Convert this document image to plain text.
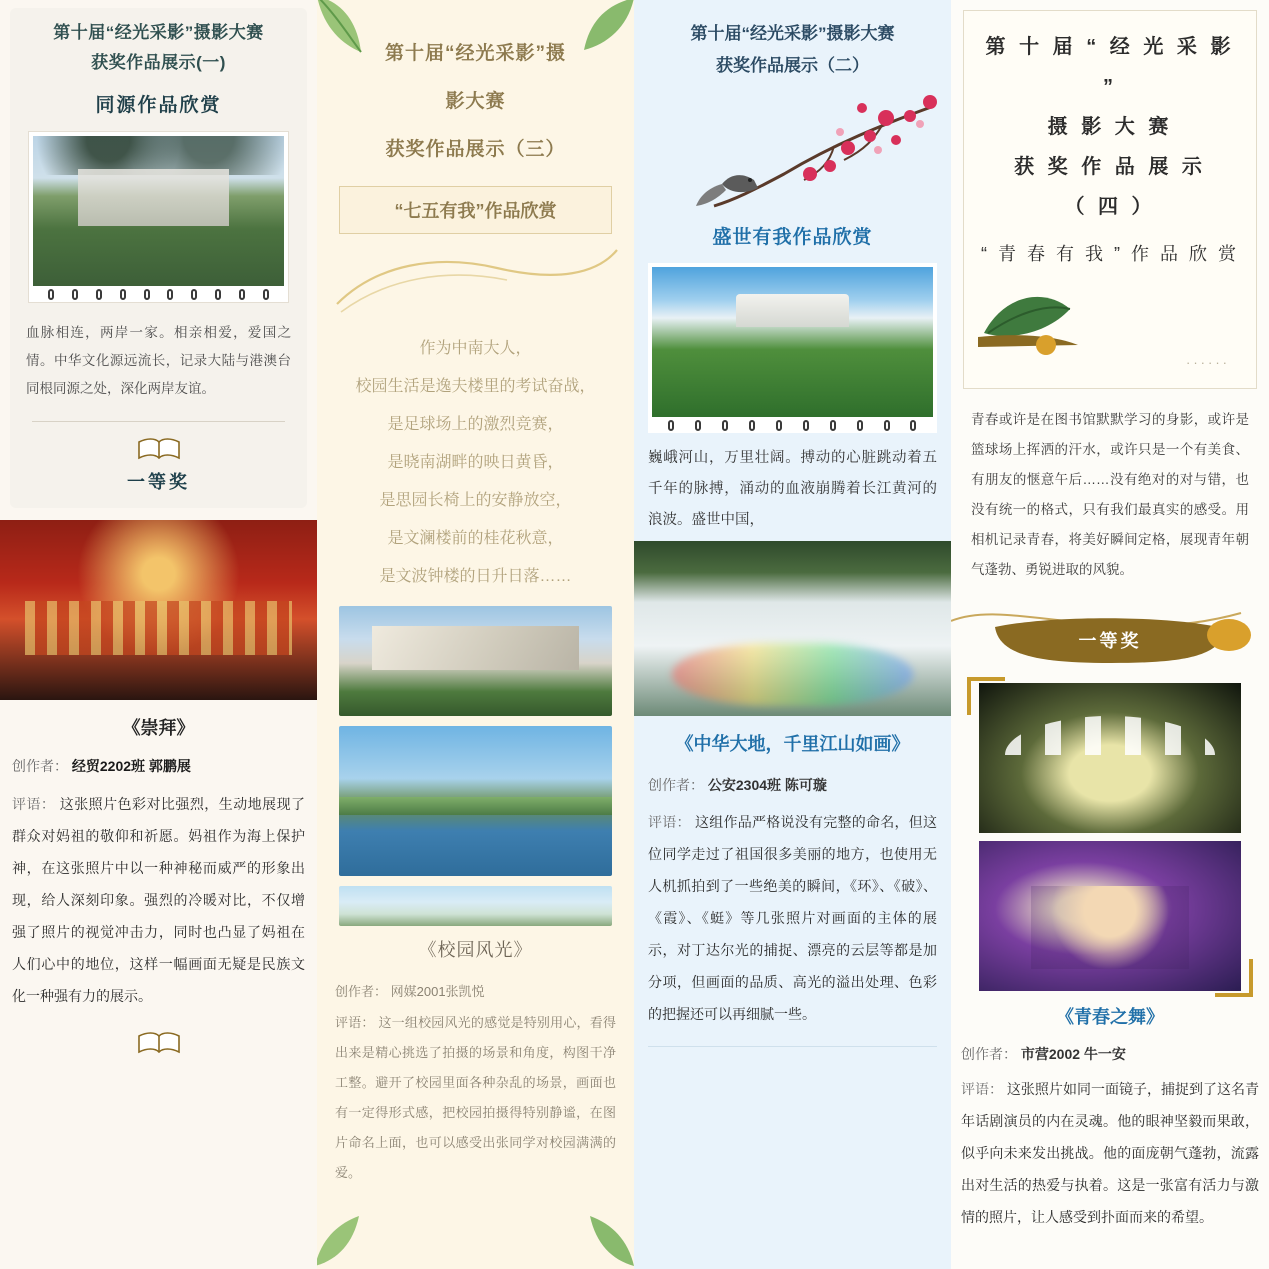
第十届“经光采影”摄影大赛
获奖作品展示(一)
同源作品欣赏
血脉相连，两岸一家。相亲相爱，爱国之情。中华文化源远流长，记录大陆与港澳台同根同源之处，深化两岸友谊。
一等奖
《崇拜》
创作者： 经贸2202班 郭鹏展
评语： 这张照片色彩对比强烈，生动地展现了群众对妈祖的敬仰和祈愿。妈祖作为海上保护神，在这张照片中以一种神秘而威严的形象出现，给人深刻印象。强烈的冷暖对比，不仅增强了照片的视觉冲击力，同时也凸显了妈祖在人们心中的地位，这样一幅画面无疑是民族文化一种强有力的展示。
第十届“经光采影”摄
影大赛
获奖作品展示（三）
“七五有我”作品欣赏
作为中南大人，
校园生活是逸夫楼里的考试奋战，
是足球场上的激烈竞赛，
是晓南湖畔的映日黄昏，
是思园长椅上的安静放空，
是文澜楼前的桂花秋意，
是文波钟楼的日升日落……
《校园风光》
创作者： 网媒2001张凯悦
评语： 这一组校园风光的感觉是特别用心，看得出来是精心挑选了拍摄的场景和角度，构图干净工整。避开了校园里面各种杂乱的场景，画面也有一定得形式感，把校园拍摄得特别静谧，在图片命名上面，也可以感受出张同学对校园满满的爱。
第十届“经光采影”摄影大赛
获奖作品展示（二）
盛世有我作品欣赏
巍峨河山，万里壮阔。搏动的心脏跳动着五千年的脉搏，涌动的血液崩腾着长江黄河的浪波。盛世中国，
《中华大地，千里江山如画》
创作者： 公安2304班 陈可璇
评语： 这组作品严格说没有完整的命名，但这位同学走过了祖国很多美丽的地方，也使用无人机抓拍到了一些绝美的瞬间，《环》、《破》、《霞》、《蜓》等几张照片对画面的主体的展示，对丁达尔光的捕捉、漂亮的云层等都是加分项，但画面的品质、高光的溢出处理、色彩的把握还可以再细腻一些。
第 十 届 “ 经 光 采 影 ”
摄 影 大 赛
获 奖 作 品 展 示
（ 四 ）
“ 青 春 有 我 ” 作 品 欣 赏
······
青春或许是在图书馆默默学习的身影，或许是篮球场上挥洒的汗水，或许只是一个有美食、有朋友的惬意午后……没有绝对的对与错，也没有统一的格式，只有我们最真实的感受。用相机记录青春，将美好瞬间定格，展现青年朝气蓬勃、勇锐进取的风貌。
一等奖
《青春之舞》
创作者： 市营2002 牛一安
评语： 这张照片如同一面镜子，捕捉到了这名青年话剧演员的内在灵魂。他的眼神坚毅而果敢，似乎向未来发出挑战。他的面庞朝气蓬勃，流露出对生活的热爱与执着。这是一张富有活力与激情的照片，让人感受到扑面而来的希望。
